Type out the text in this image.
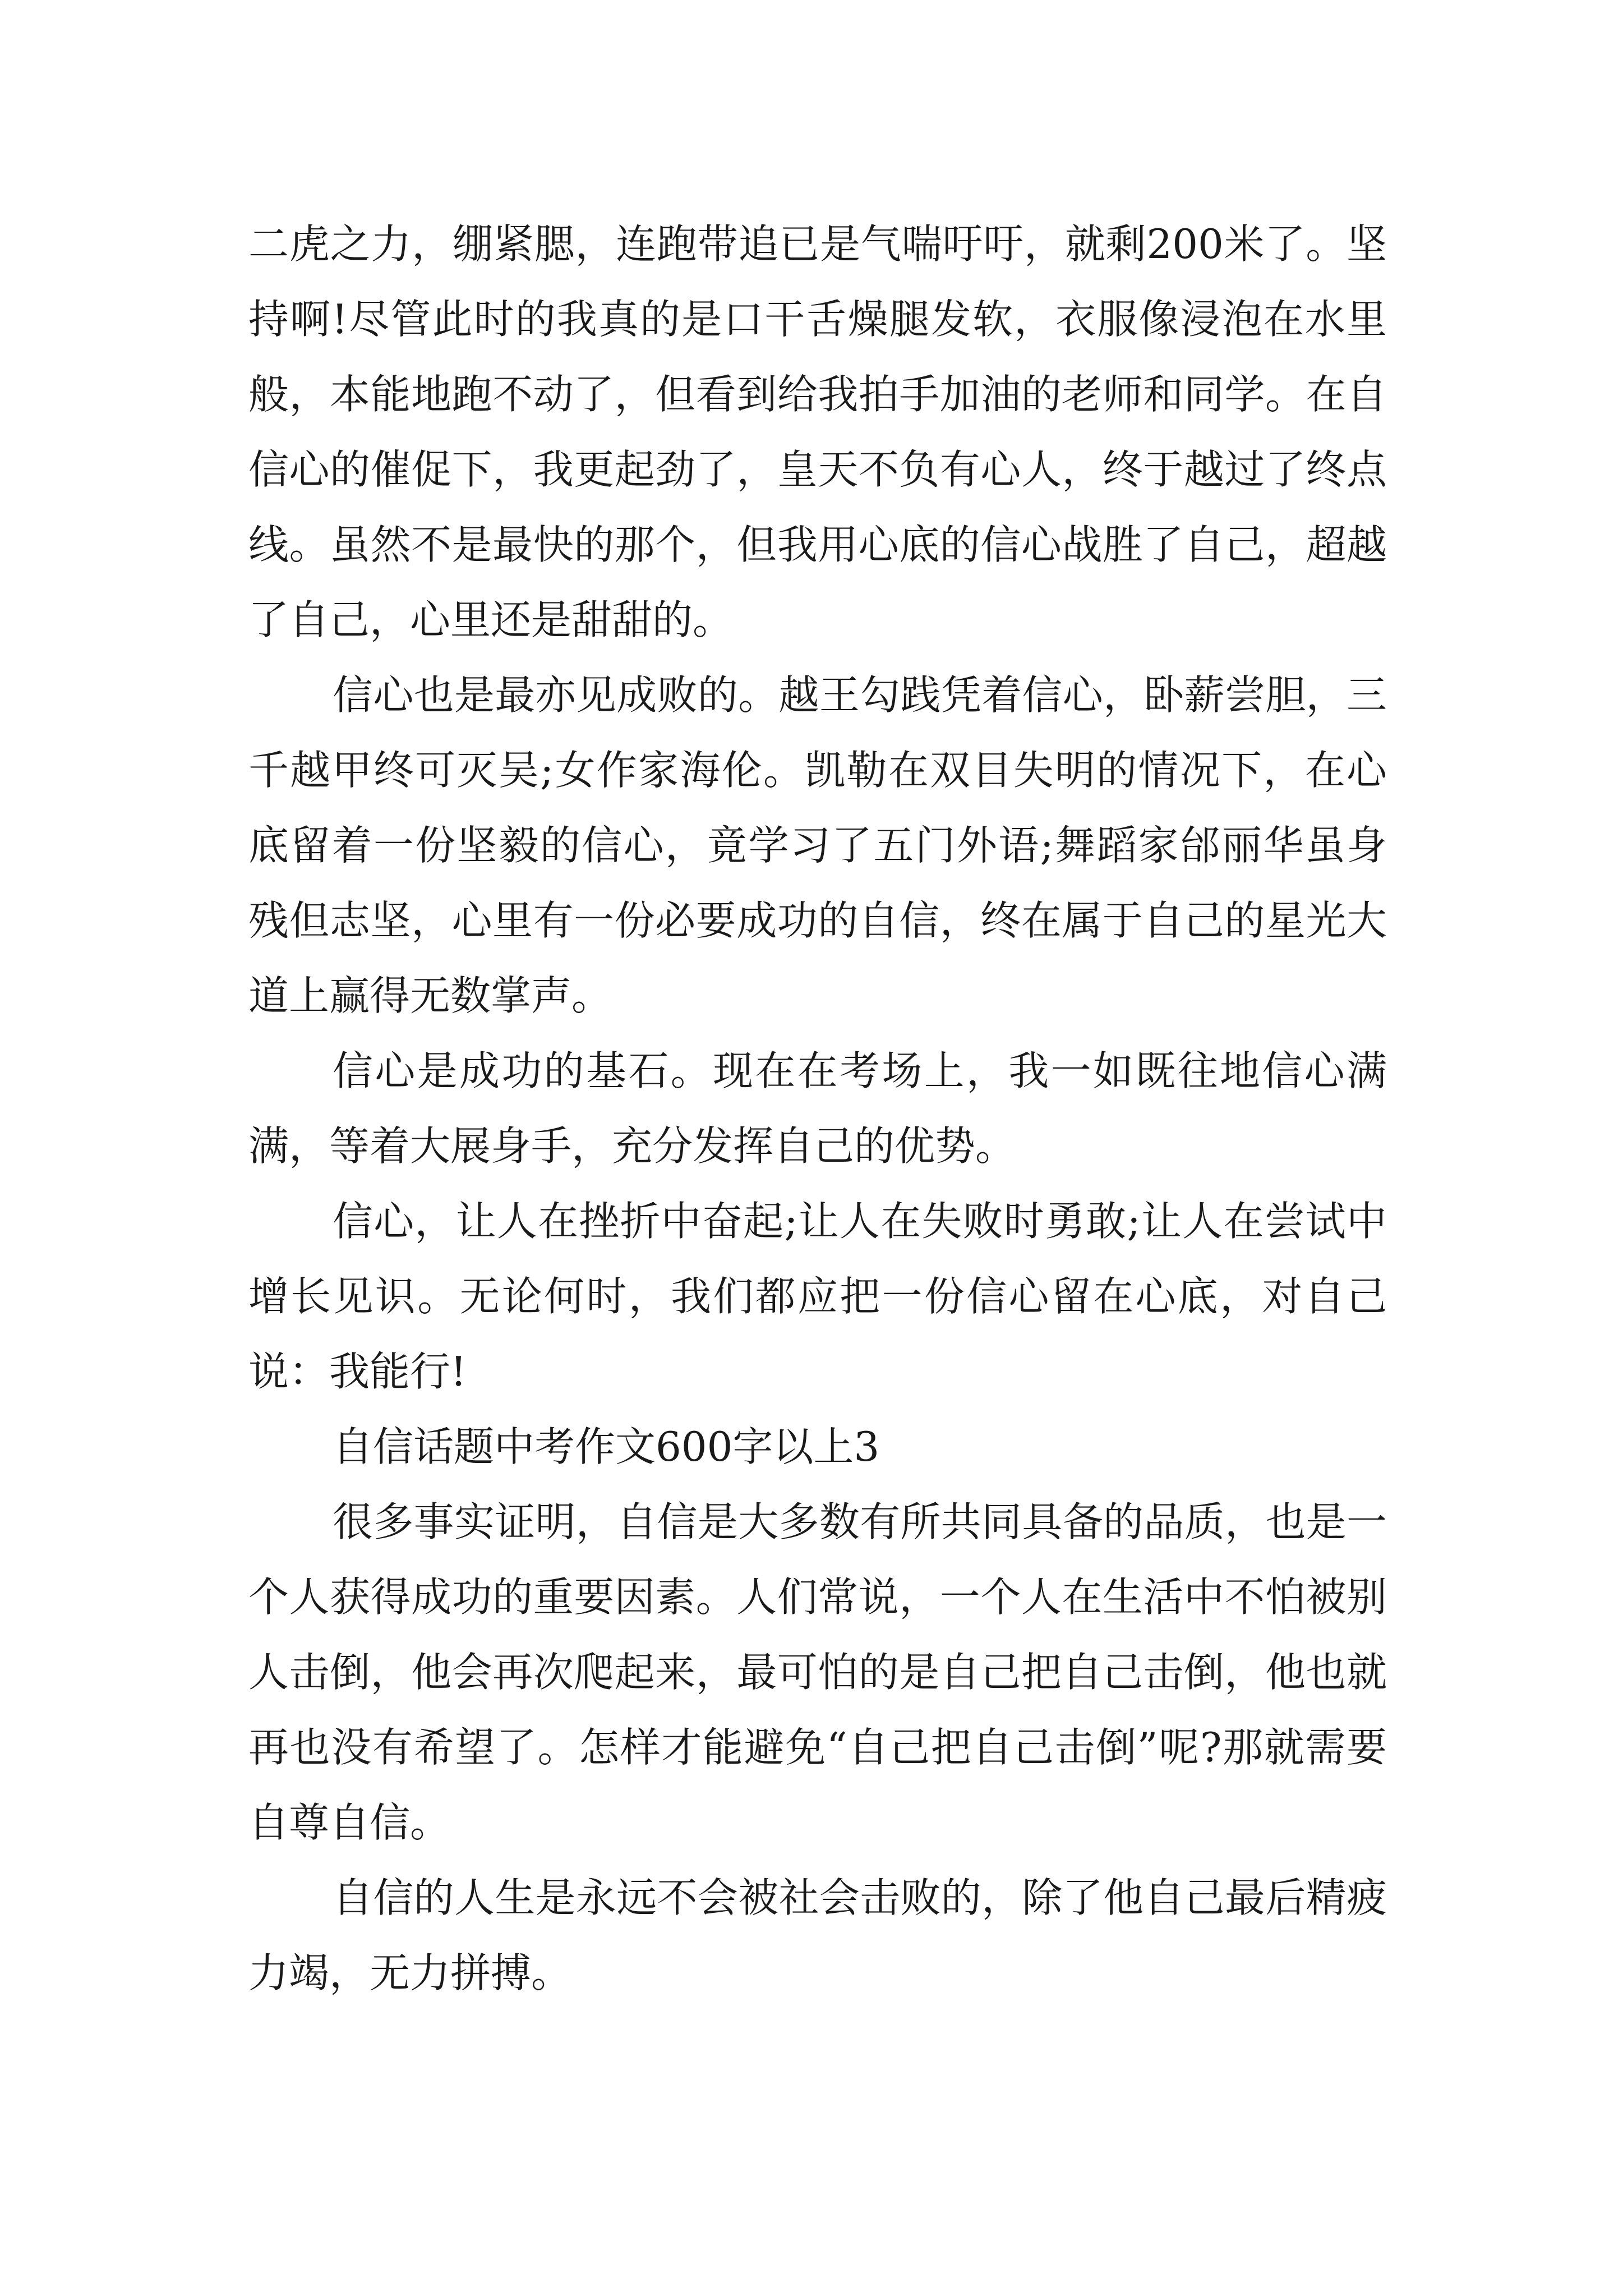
二虎之力，绷紧腮，连跑带追已是气喘吁吁，就剩200米了。坚持啊!尽管此时的我真的是口干舌燥腿发软，衣服像浸泡在水里般，本能地跑不动了，但看到给我拍手加油的老师和同学。在自信心的催促下，我更起劲了，皇天不负有心人，终于越过了终点线。虽然不是最快的那个，但我用心底的信心战胜了自己，超越了自己，心里还是甜甜的。

信心也是最亦见成败的。越王勾践凭着信心，卧薪尝胆，三千越甲终可灭吴;女作家海伦。凯勒在双目失明的情况下，在心底留着一份坚毅的信心，竟学习了五门外语;舞蹈家邰丽华虽身残但志坚，心里有一份必要成功的自信，终在属于自己的星光大道上赢得无数掌声。

信心是成功的基石。现在在考场上，我一如既往地信心满满，等着大展身手，充分发挥自己的优势。

信心，让人在挫折中奋起;让人在失败时勇敢;让人在尝试中增长见识。无论何时，我们都应把一份信心留在心底，对自己说：我能行!

自信话题中考作文600字以上3

很多事实证明，自信是大多数有所共同具备的品质，也是一个人获得成功的重要因素。人们常说，一个人在生活中不怕被别人击倒，他会再次爬起来，最可怕的是自己把自己击倒，他也就再也没有希望了。怎样才能避免“自己把自己击倒”呢?那就需要自尊自信。

自信的人生是永远不会被社会击败的，除了他自己最后精疲力竭，无力拼搏。
